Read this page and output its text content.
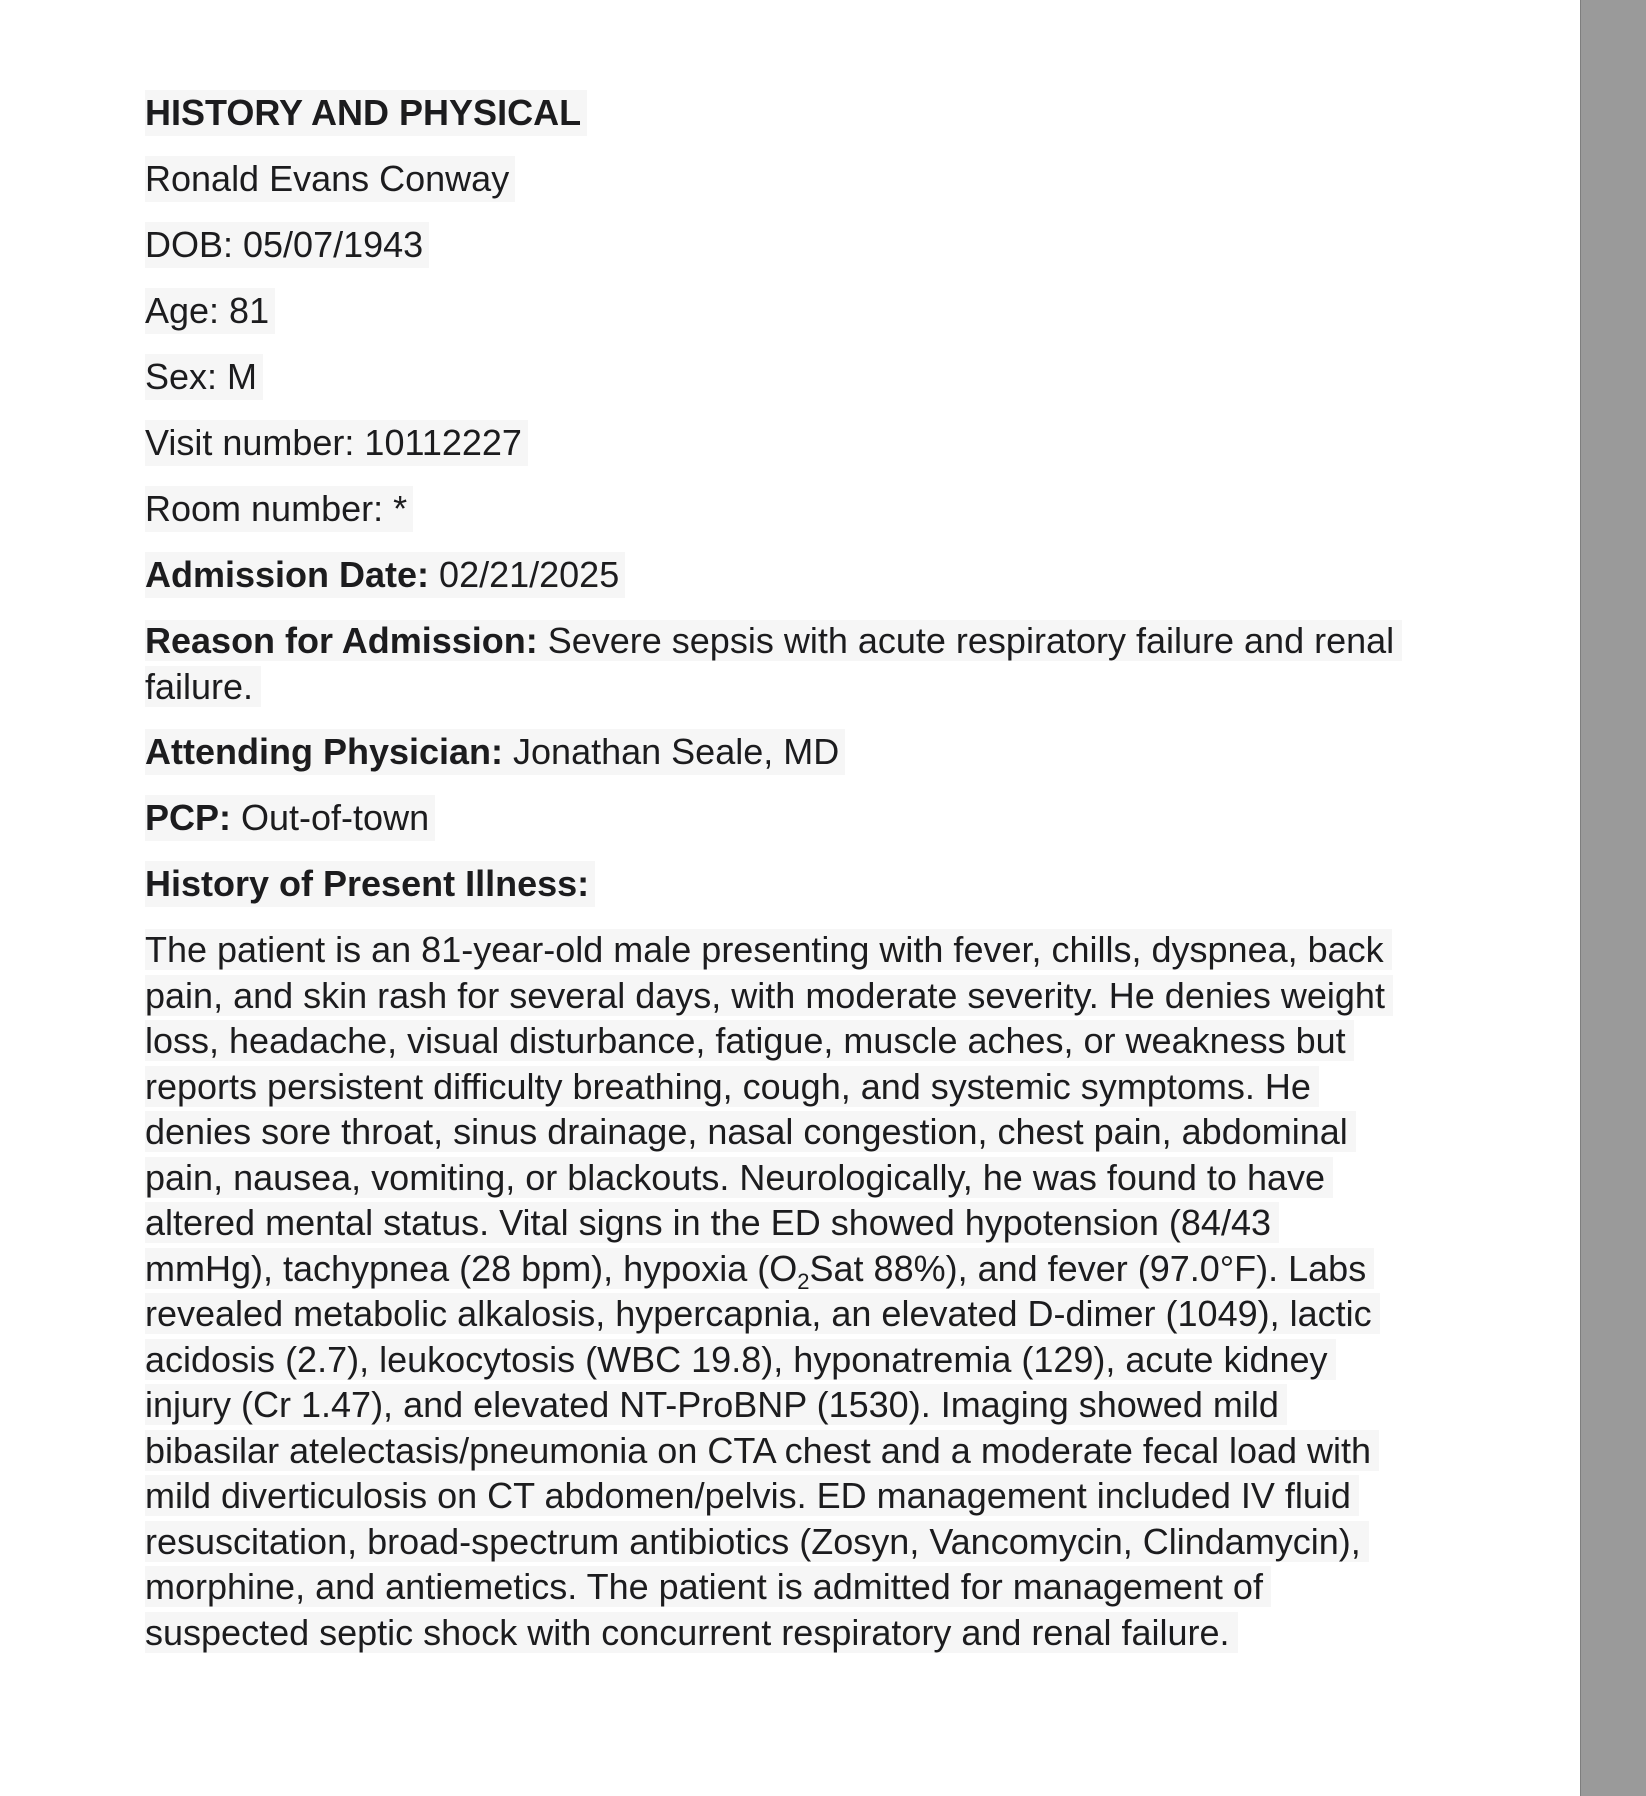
HISTORY AND PHYSICAL
Ronald Evans Conway
DOB: 05/07/1943
Age: 81
Sex: M
Visit number: 10112227
Room number: *
Admission Date: 02/21/2025
Reason for Admission: Severe sepsis with acute respiratory failure and renal failure.
Attending Physician: Jonathan Seale, MD
PCP: Out-of-town
History of Present Illness:
The patient is an 81-year-old male presenting with fever, chills, dyspnea, back pain, and skin rash for several days, with moderate severity. He denies weight loss, headache, visual disturbance, fatigue, muscle aches, or weakness but reports persistent difficulty breathing, cough, and systemic symptoms. He denies sore throat, sinus drainage, nasal congestion, chest pain, abdominal pain, nausea, vomiting, or blackouts. Neurologically, he was found to have altered mental status. Vital signs in the ED showed hypotension (84/43 mmHg), tachypnea (28 bpm), hypoxia ($O_2Sat$ 88%), and fever (97.0°F). Labs revealed metabolic alkalosis, hypercapnia, an elevated D-dimer (1049), lactic acidosis (2.7), leukocytosis (WBC 19.8), hyponatremia (129), acute kidney injury (Cr 1.47), and elevated NT-ProBNP (1530). Imaging showed mild bibasilar atelectasis/pneumonia on CTA chest and a moderate fecal load with mild diverticulosis on CT abdomen/pelvis. ED management included IV fluid resuscitation, broad-spectrum antibiotics (Zosyn, Vancomycin, Clindamycin), morphine, and antiemetics. The patient is admitted for management of suspected septic shock with concurrent respiratory and renal failure.
